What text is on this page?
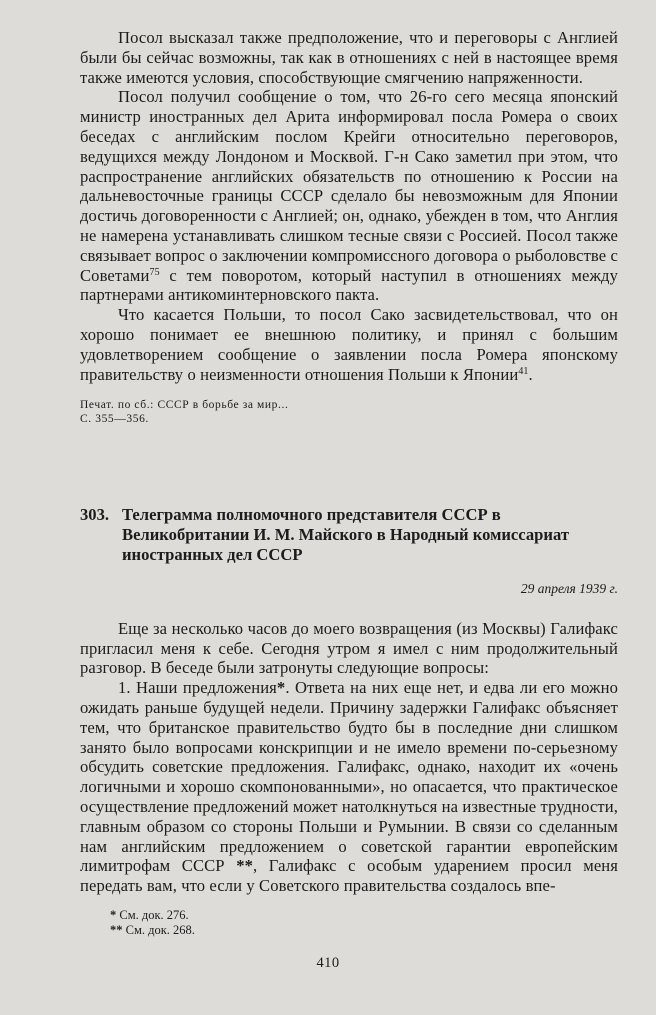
Посол высказал также предположение, что и переговоры с Англией были бы сейчас возможны, так как в отношениях с ней в настоящее время также имеются условия, способствующие смягчению напряженности.

Посол получил сообщение о том, что 26-го сего месяца японский министр иностранных дел Арита информировал посла Ромера о своих беседах с английским послом Крейги относительно переговоров, ведущихся между Лондоном и Москвой. Г-н Сако заметил при этом, что распространение английских обязательств по отношению к России на дальневосточные границы СССР сделало бы невозможным для Японии достичь договоренности с Англией; он, однако, убежден в том, что Англия не намерена устанавливать слишком тесные связи с Россией. Посол также связывает вопрос о заключении компромиссного договора о рыболовстве с Советами$^{75}$ с тем поворотом, который наступил в отношениях между партнерами антикоминтерновского пакта.

Что касается Польши, то посол Сако засвидетельствовал, что он хорошо понимает ее внешнюю политику, и принял с большим удовлетворением сообщение о заявлении посла Ромера японскому правительству о неизменности отношения Польши к Японии$^{41}$.

Печат. по сб.: СССР в борьбе за мир...
С. 355—356.
303. Телеграмма полномочного представителя СССР в Великобритании И. М. Майского в Народный комиссариат иностранных дел СССР
29 апреля 1939 г.

Еще за несколько часов до моего возвращения (из Москвы) Галифакс пригласил меня к себе. Сегодня утром я имел с ним продолжительный разговор. В беседе были затронуты следующие вопросы:

1. Наши предложения*. Ответа на них еще нет, и едва ли его можно ожидать раньше будущей недели. Причину задержки Галифакс объясняет тем, что британское правительство будто бы в последние дни слишком занято было вопросами конскрипции и не имело времени по-серьезному обсудить советские предложения. Галифакс, однако, находит их «очень логичными и хорошо скомпонованными», но опасается, что практическое осуществление предложений может натолкнуться на известные трудности, главным образом со стороны Польши и Румынии. В связи со сделанным нам английским предложением о советской гарантии европейским лимитрофам СССР **, Галифакс с особым ударением просил меня передать вам, что если у Советского правительства создалось впе-

* См. док. 276.
** См. док. 268.
410
